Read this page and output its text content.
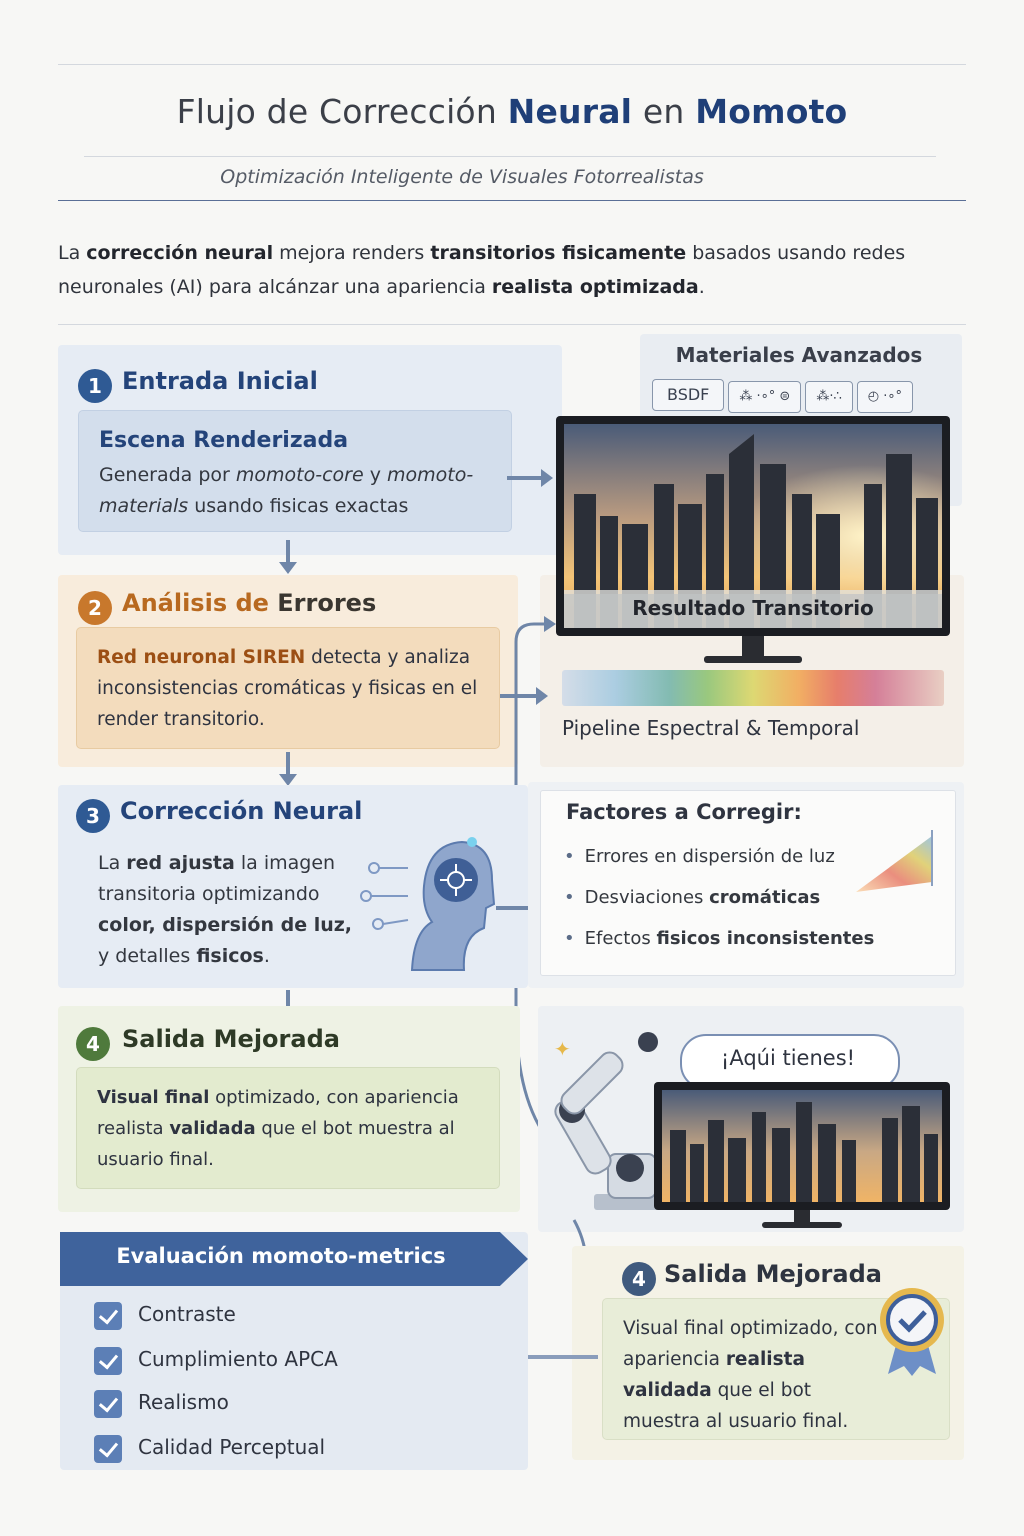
Flujo de Corrección Neural en Momoto
Optimización Inteligente de Visuales Fotorrealistas
La corrección neural mejora renders transitorios fisicamente basados usando redes neuronales (AI) para alcánzar una apariencia realista optimizada.
1 Entrada Inicial
Escena Renderizada
Generada por momoto-core y momoto-materials usando fisicas exactas
Materiales Avanzados
BSDF ⁂ ·∘° ⊜ ⁂·∴ ◴ ·∘°
Resultado Transitorio
Pipeline Espectral & Temporal
2 Análisis de Errores
Red neuronal SIREN detecta y analiza inconsistencias cromáticas y fisicas en el render transitorio.
3 Corrección Neural
La red ajusta la imagen transitoria optimizando color, dispersión de luz, y detalles fisicos.
Factores a Corregir:
• Errores en dispersión de luz
• Desviaciones cromáticas
• Efectos fisicos inconsistentes
4 Salida Mejorada
Visual final optimizado, con apariencia realista validada que el bot muestra al usuario final.
¡Aqúi tienes!
✦
4 Salida Mejorada
Visual final optimizado, con apariencia realista validada que el bot muestra al usuario final.
Evaluación momoto-metrics
Contraste
Cumplimiento APCA
Realismo
Calidad Perceptual
